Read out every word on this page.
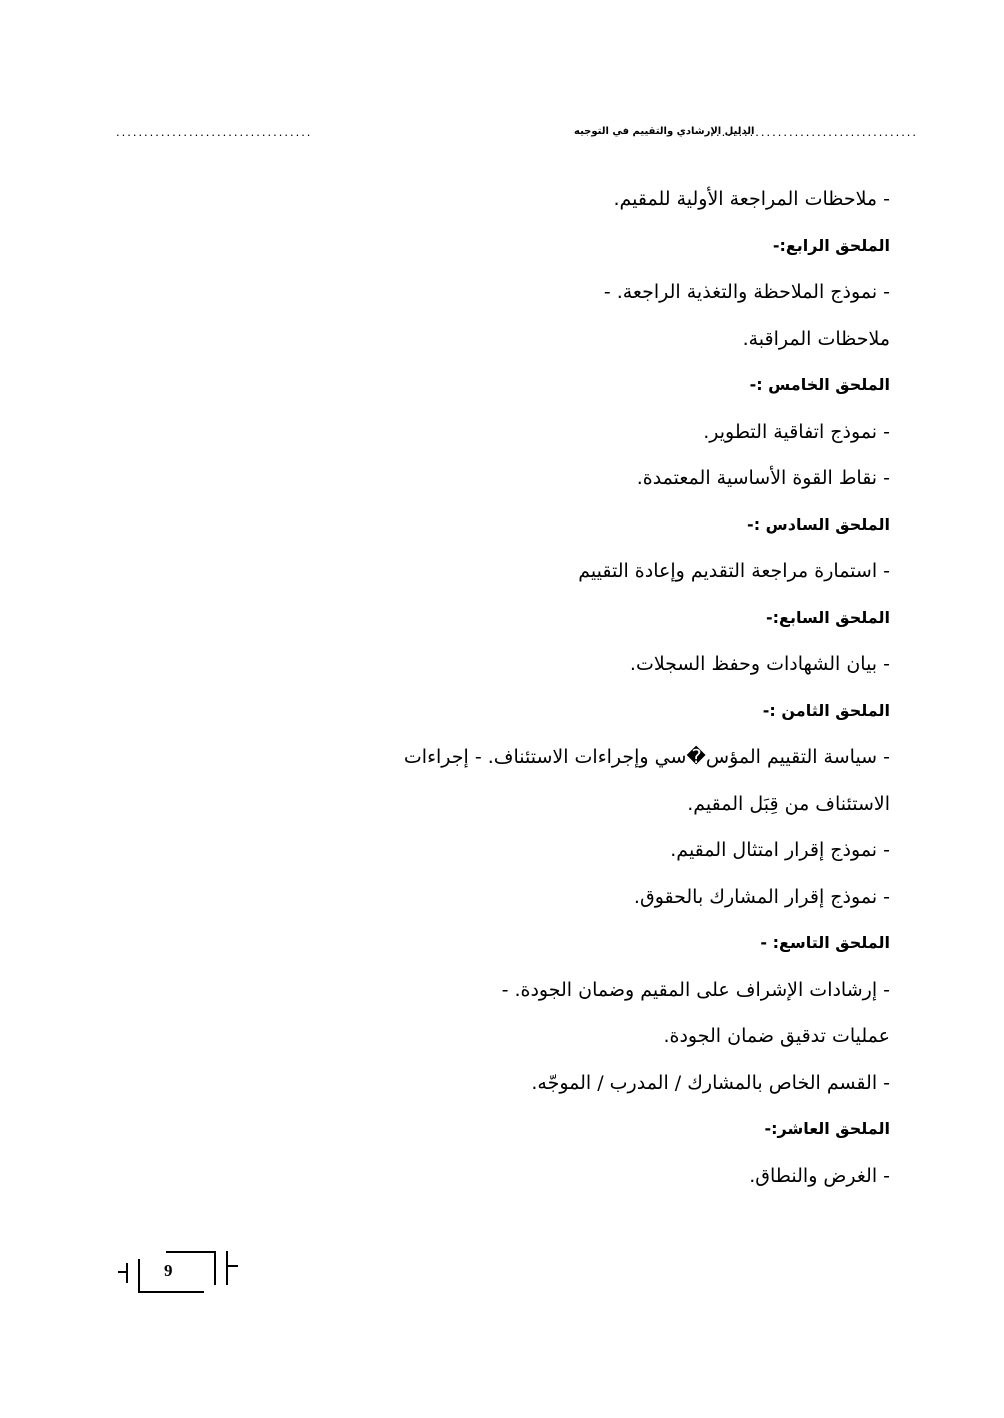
...................................	الدليل الإرشادي والتقييم في التوجيه
....................................
- ملاحظات المراجعة الأولية للمقيم.
الملحق الرابع:-
- نموذج الملاحظة والتغذية الراجعة. -
ملاحظات المراقبة.
الملحق الخامس :-
- نموذج اتفاقية التطوير.
- نقاط القوة الأساسية المعتمدة.
الملحق السادس :-
- استمارة مراجعة التقديم وإعادة التقييم
الملحق السابع:-
- بيان الشهادات وحفظ السجلات.
الملحق الثامن :-
- سياسة التقييم المؤس�سي وإجراءات الاستئناف. - إجراءات
الاستئناف من قِبَل المقيم.
- نموذج إقرار امتثال المقيم.
- نموذج إقرار المشارك بالحقوق.
الملحق التاسع: -
- إرشادات الإشراف على المقيم وضمان الجودة. -
عمليات تدقيق ضمان الجودة.
- القسم الخاص بالمشارك / المدرب / الموجّه.
الملحق العاشر:-
- الغرض والنطاق.
9
